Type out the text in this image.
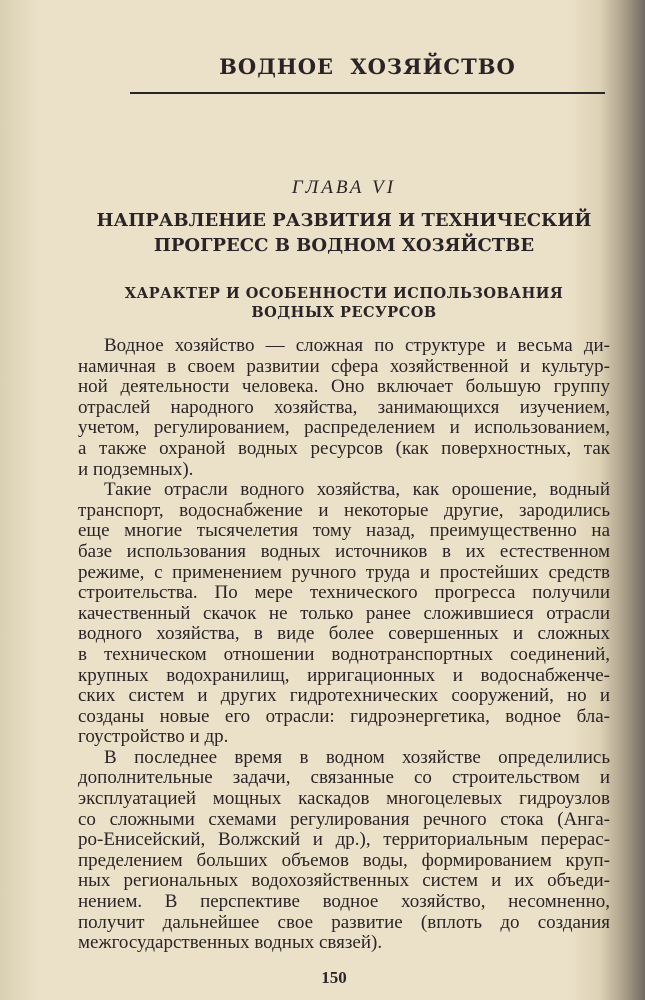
ВОДНОЕ ХОЗЯЙСТВО
ГЛАВА VI
НАПРАВЛЕНИЕ РАЗВИТИЯ И ТЕХНИЧЕСКИЙ
ПРОГРЕСС В ВОДНОМ ХОЗЯЙСТВЕ
ХАРАКТЕР И ОСОБЕННОСТИ ИСПОЛЬЗОВАНИЯ
ВОДНЫХ РЕСУРСОВ
Водное хозяйство — сложная по структуре и весьма ди-
намичная в своем развитии сфера хозяйственной и культур-
ной деятельности человека. Оно включает большую группу
отраслей народного хозяйства, занимающихся изучением,
учетом, регулированием, распределением и использованием,
а также охраной водных ресурсов (как поверхностных, так
и подземных).
Такие отрасли водного хозяйства, как орошение, водный
транспорт, водоснабжение и некоторые другие, зародились
еще многие тысячелетия тому назад, преимущественно на
базе использования водных источников в их естественном
режиме, с применением ручного труда и простейших средств
строительства. По мере технического прогресса получили
качественный скачок не только ранее сложившиеся отрасли
водного хозяйства, в виде более совершенных и сложных
в техническом отношении воднотранспортных соединений,
крупных водохранилищ, ирригационных и водоснабженче-
ских систем и других гидротехнических сооружений, но и
созданы новые его отрасли: гидроэнергетика, водное бла-
гоустройство и др.
В последнее время в водном хозяйстве определились
дополнительные задачи, связанные со строительством и
эксплуатацией мощных каскадов многоцелевых гидроузлов
со сложными схемами регулирования речного стока (Анга-
ро-Енисейский, Волжский и др.), территориальным перерас-
пределением больших объемов воды, формированием круп-
ных региональных водохозяйственных систем и их объеди-
нением. В перспективе водное хозяйство, несомненно,
получит дальнейшее свое развитие (вплоть до создания
межгосударственных водных связей).
150
